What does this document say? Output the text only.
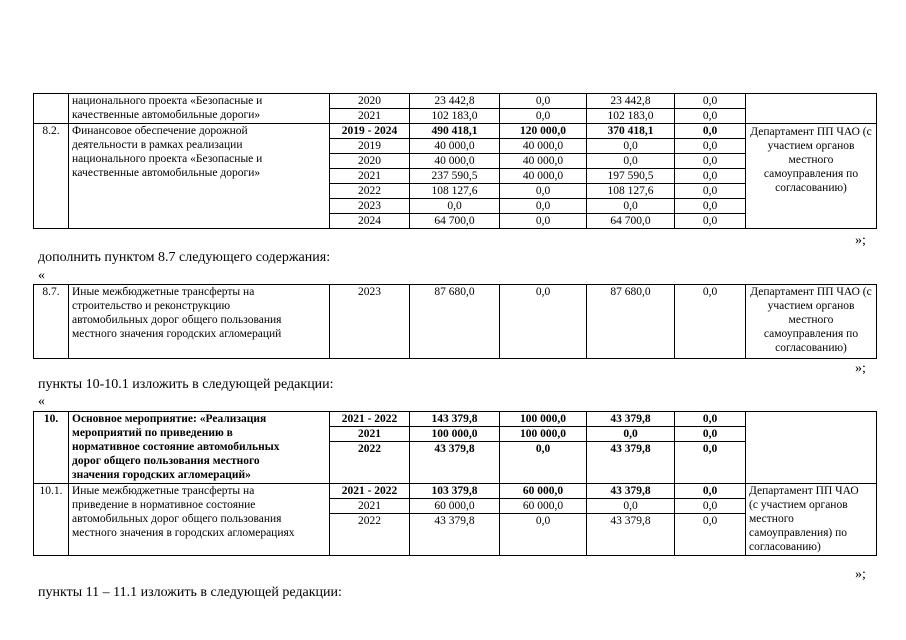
	национального проекта «Безопасные и
качественные автомобильные дороги»	2020	23 442,8	0,0	23 442,8	0,0	
		2021	102 183,0	0,0	102 183,0	0,0	
8.2.	Финансовое обеспечение дорожной
деятельности в рамках реализации
национального проекта «Безопасные и
качественные автомобильные дороги»	2019 - 2024	490 418,1	120 000,0	370 418,1	0,0	Департамент ПП ЧАО (с участием органов местного самоуправления по согласованию)
		2019	40 000,0	40 000,0	0,0	0,0	
		2020	40 000,0	40 000,0	0,0	0,0	
		2021	237 590,5	40 000,0	197 590,5	0,0	
		2022	108 127,6	0,0	108 127,6	0,0	
		2023	0,0	0,0	0,0	0,0	
		2024	64 700,0	0,0	64 700,0	0,0	
»;
дополнить пунктом 8.7 следующего содержания:
«
8.7.	Иные межбюджетные трансферты на
строительство и реконструкцию
автомобильных дорог общего пользования
местного значения городских агломераций
	2023	87 680,0	0,0	87 680,0	0,0	Департамент ПП ЧАО (с участием органов местного самоуправления по согласованию)
»;
пункты 10-10.1 изложить в следующей редакции:
«
10.	Основное мероприятие: «Реализация
мероприятий по приведению в
нормативное состояние автомобильных
дорог общего пользования местного
значения городских агломераций»	2021 - 2022	143 379,8	100 000,0	43 379,8	0,0	
		2021	100 000,0	100 000,0	0,0	0,0	
		2022	43 379,8	0,0	43 379,8	0,0	
10.1.	Иные межбюджетные трансферты на
приведение в нормативное состояние
автомобильных дорог общего пользования
местного значения в городских агломерациях	2021 - 2022	103 379,8	60 000,0	43 379,8	0,0	Департамент ПП ЧАО
(с участием органов
местного
самоуправления) по
согласованию)

		2021	60 000,0	60 000,0	0,0	0,0	
		2022	43 379,8	0,0	43 379,8	0,0	
»;
пункты 11 – 11.1 изложить в следующей редакции:
